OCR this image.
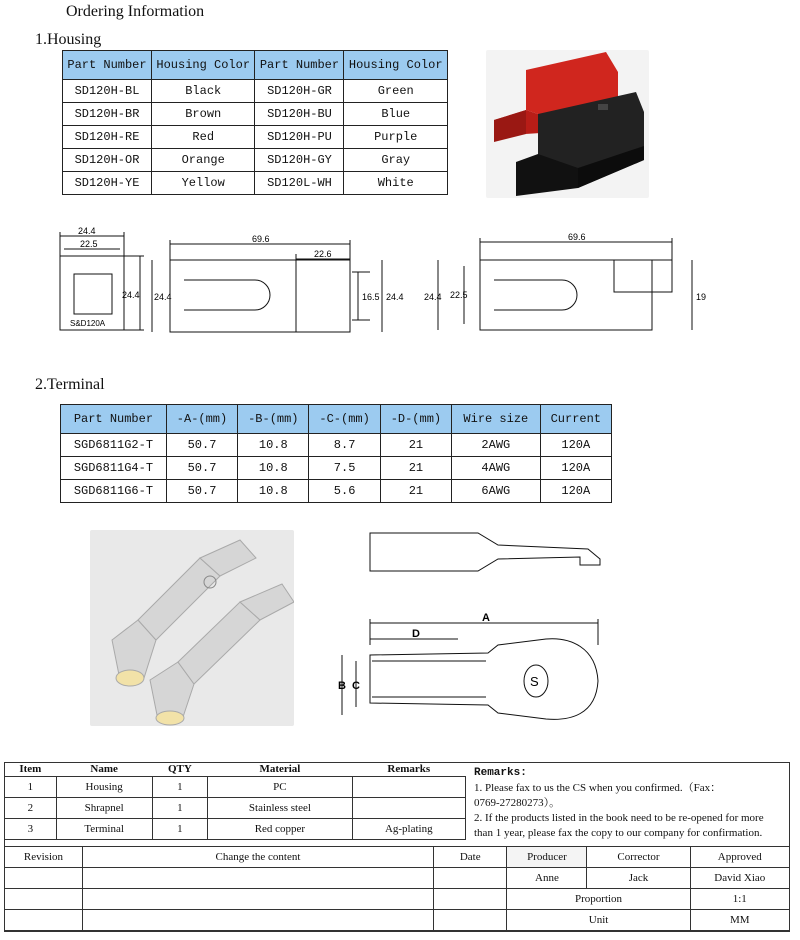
Ordering Information
1.Housing
Part Number	Housing Color	Part Number	Housing Color
SD120H-BL	Black	SD120H-GR	Green
SD120H-BR	Brown	SD120H-BU	Blue
SD120H-RE	Red	SD120H-PU	Purple
SD120H-OR	Orange	SD120H-GY	Gray
SD120H-YE	Yellow	SD120L-WH	White
24.4
22.5
24.4
S&D120A
69.6
22.6
24.4	16.5 24.4
69.6
24.4 22.5	19
2.Terminal
Part Number	-A-(mm)	-B-(mm)	-C-(mm)	-D-(mm)	Wire size	Current
SGD6811G2-T	50.7	10.8	8.7	21	2AWG	120A
SGD6811G4-T	50.7	10.8	7.5	21	4AWG	120A
SGD6811G6-T	50.7	10.8	5.6	21	6AWG	120A
A
D
B C	S
Item	Name	QTY	Material	Remarks
1	Housing	1	PC	
2	Shrapnel	1	Stainless steel	
3	Terminal	1	Red copper	Ag-plating
Remarks:
1. Please fax to us the CS when you confirmed.（Fax：
0769-27280273）。
2. If the products listed in the book need to be re-opened for more
than 1 year, please fax the copy to our company for confirmation.
Revision	Change the content	Date	Producer	Corrector	Approved
			Anne	Jack	David Xiao
			Proportion		1:1
			Unit		MM
